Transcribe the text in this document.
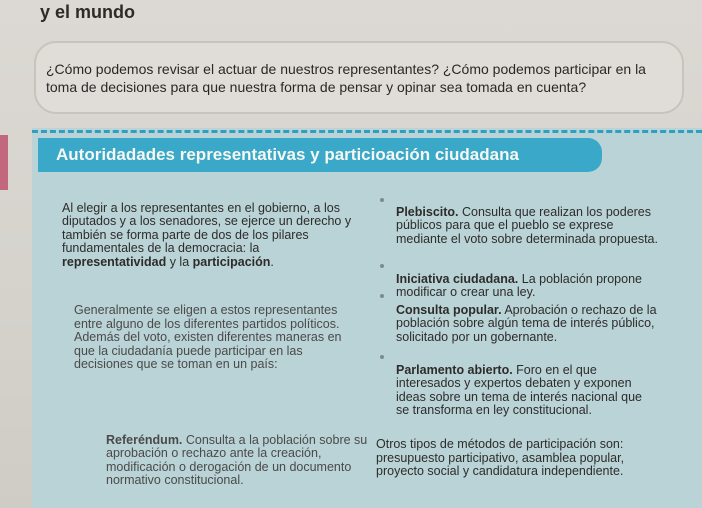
y el mundo
¿Cómo podemos revisar el actuar de nuestros representantes? ¿Cómo podemos participar en la toma de decisiones para que nuestra forma de pensar y opinar sea tomada en cuenta?
Autoridadades representativas y particioación ciudadana

Al elegir a los representantes en el gobierno, a los diputados y a los senadores, se ejerce un derecho y también se forma parte de dos de los pilares fundamentales de la democracia: la representatividad y la participación.

Generalmente se eligen a estos representantes entre alguno de los diferentes partidos políticos. Además del voto, existen diferentes maneras en que la ciudadanía puede participar en las decisiones que se toman en un país:

Referéndum. Consulta a la población sobre su aprobación o rechazo ante la creación, modificación o derogación de un documento normativo constitucional.

Plebiscito. Consulta que realizan los poderes públicos para que el pueblo se exprese mediante el voto sobre determinada propuesta.

Iniciativa ciudadana. La población propone modificar o crear una ley.

Consulta popular. Aprobación o rechazo de la población sobre algún tema de interés público, solicitado por un gobernante.

Parlamento abierto. Foro en el que interesados y expertos debaten y exponen ideas sobre un tema de interés nacional que se transforma en ley constitucional.

Otros tipos de métodos de participación son: presupuesto participativo, asamblea popular, proyecto social y candidatura independiente.
